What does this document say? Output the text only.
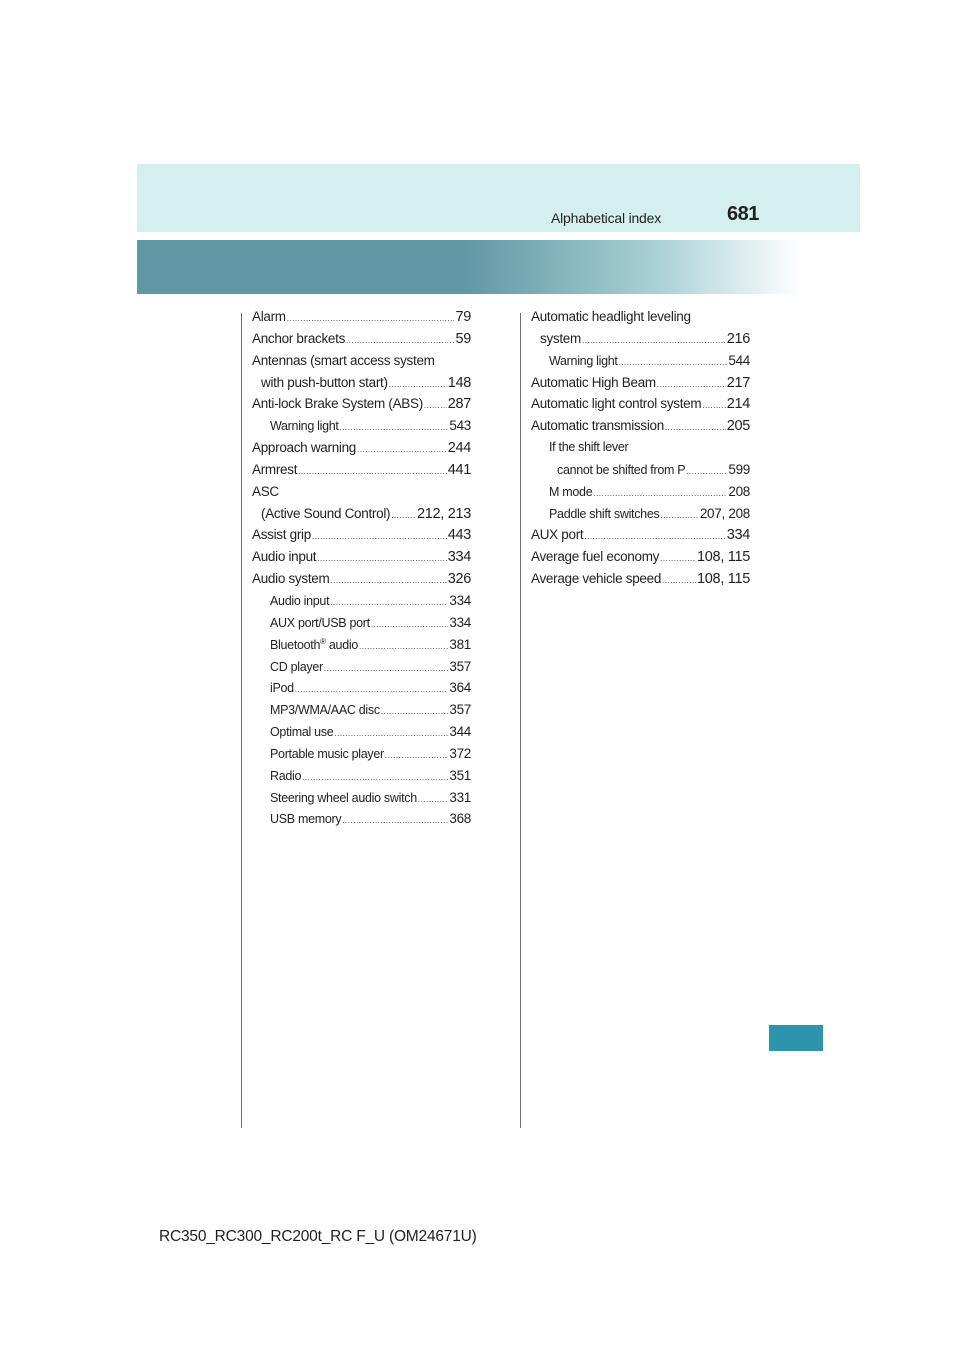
Alphabetical index	681
Alarm .....	79
Anchor brackets .....	59
Antennas (smart access system
with push-button start) .....	148
Anti-lock Brake System (ABS) ..... 287
Warning light .....	543
Approach warning .....	244
Armrest .....	441
ASC
(Active Sound Control) ..... 212, 213
Assist grip .....	443
Audio input .....	334
Audio system .....	326
Audio input .....	334
AUX port/USB port .....	334
Bluetooth® audio .....	381
CD player .....	357
iPod .....	364
MP3/WMA/AAC disc .....	357
Optimal use .....	344
Portable music player .....	372
Radio .....	351
Steering wheel audio switch ..... 331
USB memory .....	368
Automatic headlight leveling
system .....	216
Warning light .....	544
Automatic High Beam .....	217
Automatic light control system ..... 214
Automatic transmission .....	205
If the shift lever
cannot be shifted from P .....	599
M mode .....	208
Paddle shift switches .....	207, 208
AUX port .....	334
Average fuel economy .....	108, 115
Average vehicle speed ..... 108, 115
RC350_RC300_RC200t_RC F_U (OM24671U)
